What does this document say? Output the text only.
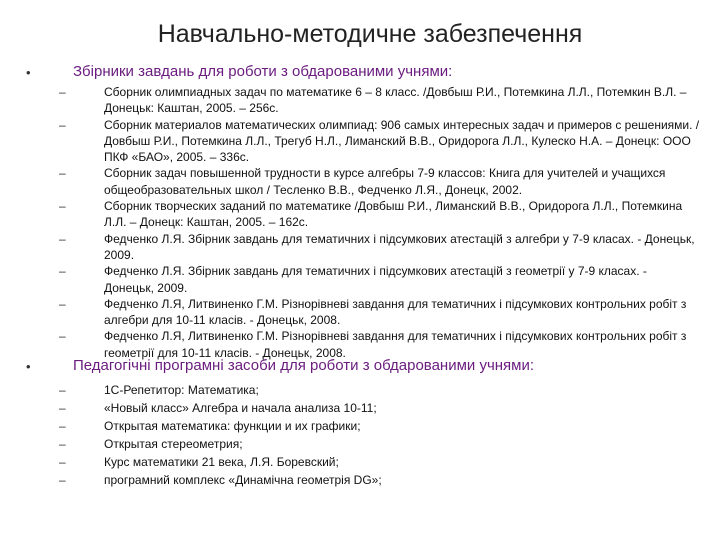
Навчально-методичне забезпечення
•	Збірники завдань для роботи з обдарованими учнями:
–	Сборник олимпиадных задач по математике 6 – 8 класс. /Довбыш Р.И., Потемкина Л.Л., Потемкин В.Л. – Донецьк: Каштан, 2005. – 256с.
–	Сборник материалов математических олимпиад: 906 самых интересных задач и примеров с решениями. / Довбыш Р.И., Потемкина Л.Л., Трегуб Н.Л., Лиманский В.В., Оридорога Л.Л., Кулеско Н.А. – Донецк: ООО ПКФ «БАО», 2005. – 336с.
–	Сборник задач повышенной трудности в курсе алгебры 7-9 классов: Книга для учителей и учащихся общеобразовательных школ / Тесленко В.В., Федченко Л.Я., Донецк, 2002.
–	Сборник творческих заданий по математике /Довбыш Р.И., Лиманский В.В., Оридорога Л.Л., Потемкина Л.Л. – Донецк: Каштан, 2005. – 162с.
–	Федченко Л.Я. Збірник завдань для тематичних і підсумкових атестацій з алгебри у 7-9 класах. - Донецьк, 2009.
–	Федченко Л.Я. Збірник завдань для тематичних і підсумкових атестацій з геометрії у 7-9 класах. - Донецьк, 2009.
–	Федченко Л.Я, Литвиненко Г.М. Різнорівневі завдання для тематичних і підсумкових контрольних робіт з алгебри для 10-11 класів. - Донецьк, 2008.
–	Федченко Л.Я, Литвиненко Г.М. Різнорівневі завдання для тематичних і підсумкових контрольних робіт з геометрії для 10-11 класів. - Донецьк, 2008.
•	Педагогічні програмні засоби для роботи з обдарованими учнями:
–	1С-Репетитор: Математика;
–	«Новый класс» Алгебра и начала анализа 10-11;
–	Открытая математика: функции и их графики;
–	Открытая стереометрия;
–	Курс математики 21 века, Л.Я. Боревский;
–	програмний комплекс «Динамічна геометрія DG»;
